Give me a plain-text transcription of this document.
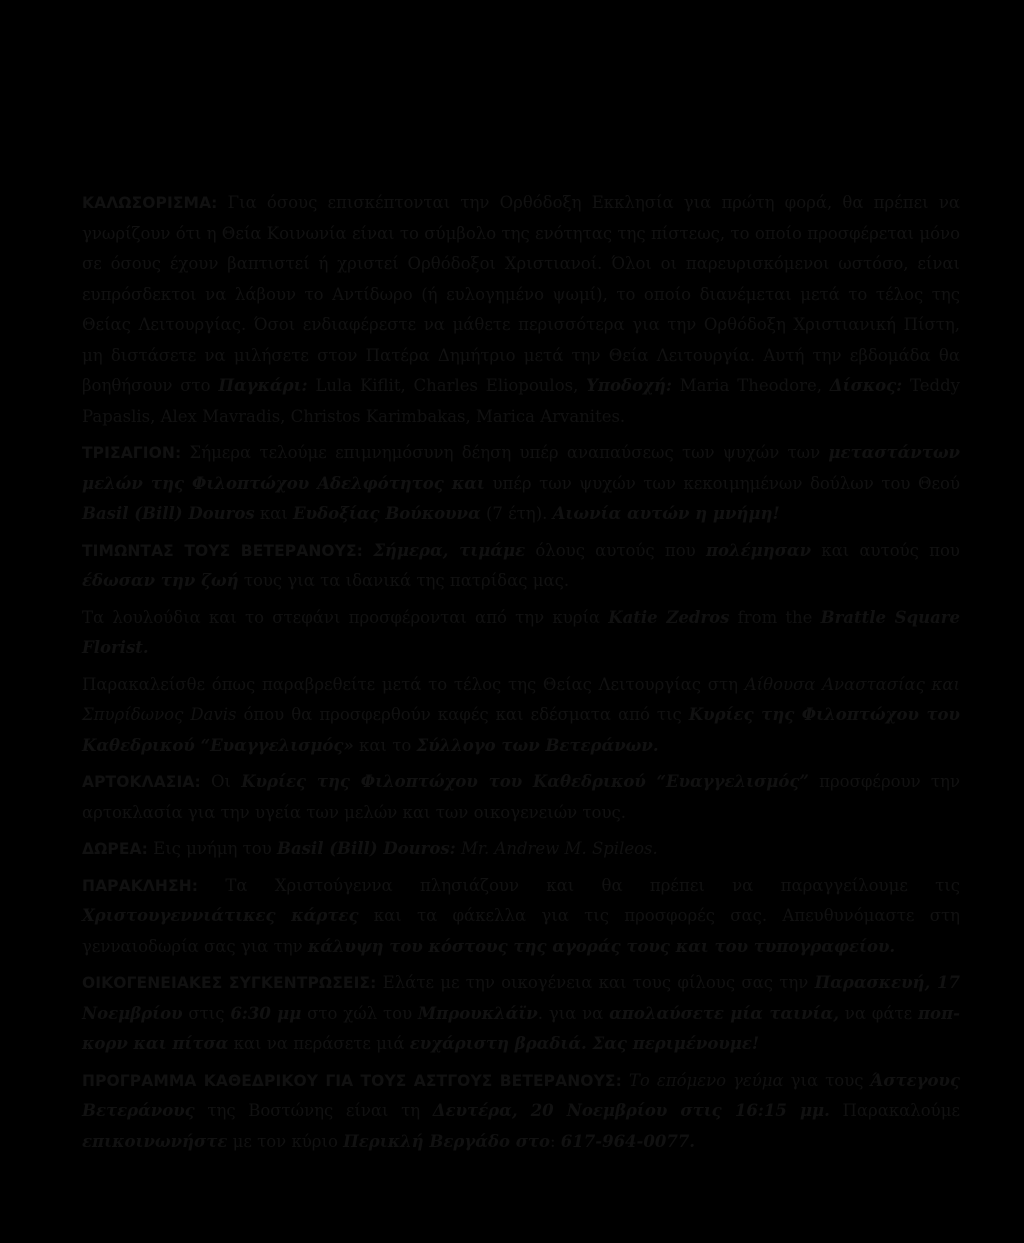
ΚΑΛΩΣΟΡΙΣΜΑ: Για όσους επισκέπτονται την Ορθόδοξη Εκκλησία για πρώτη φορά, θα πρέπει να γνωρίζουν ότι η Θεία Κοινωνία είναι το σύμβολο της ενότητας της πίστεως, το οποίο προσφέρεται μόνο σε όσους έχουν βαπτιστεί ή χριστεί Ορθόδοξοι Χριστιανοί. Όλοι οι παρευρισκόμενοι ωστόσο, είναι ευπρόσδεκτοι να λάβουν το Αντίδωρο (ή ευλογημένο ψωμί), το οποίο διανέμεται μετά το τέλος της Θείας Λειτουργίας. Όσοι ενδιαφέρεστε να μάθετε περισσότερα για την Ορθόδοξη Χριστιανική Πίστη, μη διστάσετε να μιλήσετε στον Πατέρα Δημήτριο μετά την Θεία Λειτουργία. Αυτή την εβδομάδα θα βοηθήσουν στο Παγκάρι: Lula Kiflit, Charles Eliopoulos, Υποδοχή: Maria Theodore, Δίσκος: Teddy Papaslis, Alex Mavradis, Christos Karimbakas, Marica Arvanites.

ΤΡΙΣΑΓΙΟΝ: Σήμερα τελούμε επιμνημόσυνη δέηση υπέρ αναπαύσεως των ψυχών των μεταστάντων μελών της Φιλοπτώχου Αδελφότητος και υπέρ των ψυχών των κεκοιμημένων δούλων του Θεού Basil (Bill) Douros και Ευδοξίας Βούκουνα (7 έτη). Αιωνία αυτών η μνήμη!

ΤΙΜΩΝΤΑΣ ΤΟΥΣ ΒΕΤΕΡΑΝΟΥΣ: Σήμερα, τιμάμε όλους αυτούς που πολέμησαν και αυτούς που έδωσαν την ζωή τους για τα ιδανικά της πατρίδας μας.

Τα λουλούδια και το στεφάνι προσφέρονται από την κυρία Katie Zedros from the Brattle Square Florist.

Παρακαλείσθε όπως παραβρεθείτε μετά το τέλος της Θείας Λειτουργίας στη Αίθουσα Αναστασίας και Σπυρίδωνος Davis όπου θα προσφερθούν καφές και εδέσματα από τις Κυρίες της Φιλοπτώχου του Καθεδρικού “Ευαγγελισμός» και το Σύλλογο των Βετεράνων.

ΑΡΤΟΚΛΑΣΙΑ: Οι Κυρίες της Φιλοπτώχου του Καθεδρικού “Ευαγγελισμός” προσφέρουν την αρτοκλασία για την υγεία των μελών και των οικογενειών τους.

ΔΩΡΕΑ: Εις μνήμη του Basil (Bill) Douros: Mr. Andrew M. Spileos.

ΠΑΡΑΚΛΗΣΗ: Τα Χριστούγεννα πλησιάζουν και θα πρέπει να παραγγείλουμε τις Χριστουγεννιάτικες κάρτες και τα φάκελλα για τις προσφορές σας. Απευθυνόμαστε στη γενναιοδωρία σας για την κάλυψη του κόστους της αγοράς τους και του τυπογραφείου.

ΟΙΚΟΓΕΝΕΙΑΚΕΣ ΣΥΓΚΕΝΤΡΩΣΕΙΣ: Ελάτε με την οικογένεια και τους φίλους σας την Παρασκευή, 17 Νοεμβρίου στις 6:30 μμ στο χώλ του Μπρουκλάϊν. για να απολαύσετε μία ταινία, να φάτε ποπ-κορν και πίτσα και να περάσετε μιά ευχάριστη βραδιά. Σας περιμένουμε!

ΠΡΟΓΡΑΜΜΑ ΚΑΘΕΔΡΙΚΟΥ ΓΙΑ ΤΟΥΣ ΑΣΤΓΟΥΣ ΒΕΤΕΡΑΝΟΥΣ: Το επόμενο γεύμα για τους Άστεγους Βετεράνους της Βοστώνης είναι τη Δευτέρα, 20 Νοεμβρίου στις 16:15 μμ. Παρακαλούμε επικοινωνήστε με τον κύριο Περικλή Βεργάδο στο: 617-964-0077.
